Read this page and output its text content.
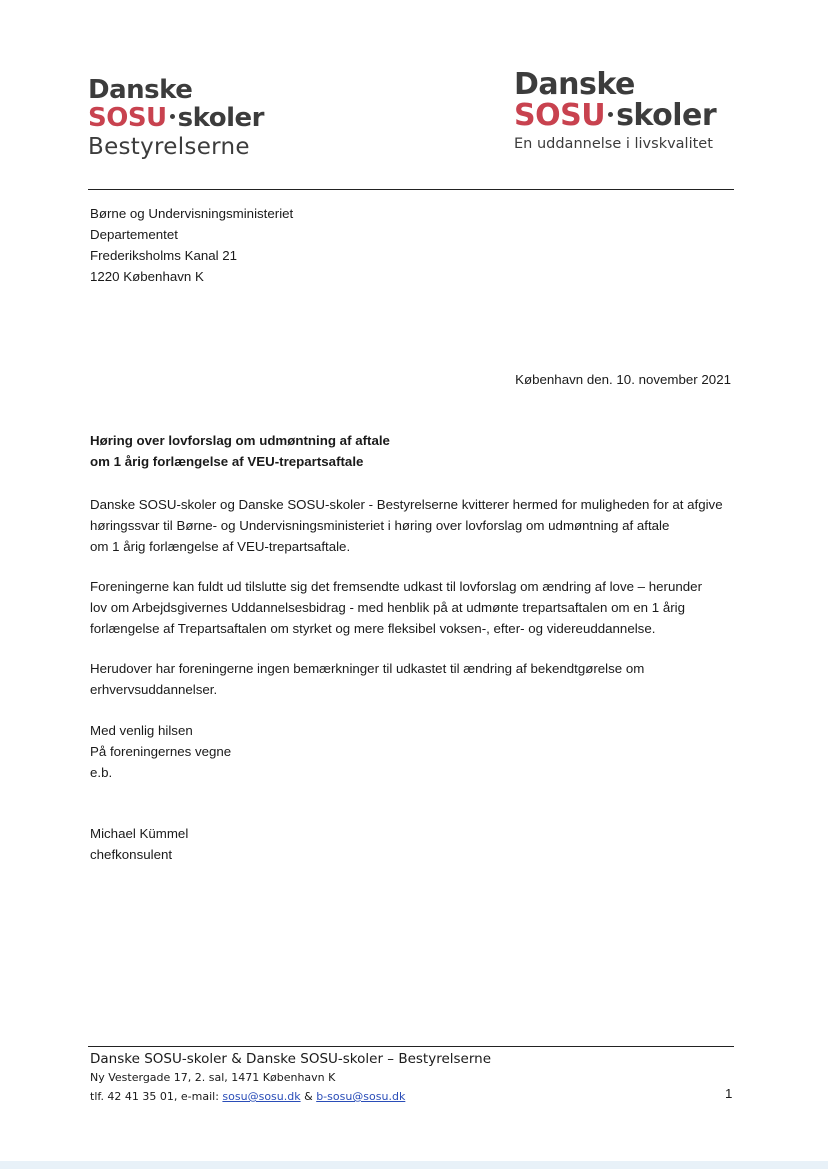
Danske
SOSU skoler
Bestyrelserne
Danske
SOSU skoler
En uddannelse i livskvalitet
Børne og Undervisningsministeriet
Departementet
Frederiksholms Kanal 21
1220 København K
København den. 10. november 2021
Høring over lovforslag om udmøntning af aftale
om 1 årig forlængelse af VEU-trepartsaftale
Danske SOSU-skoler og Danske SOSU-skoler - Bestyrelserne kvitterer hermed for muligheden for at afgive
høringssvar til Børne- og Undervisningsministeriet i høring over lovforslag om udmøntning af aftale
om 1 årig forlængelse af VEU-trepartsaftale.
Foreningerne kan fuldt ud tilslutte sig det fremsendte udkast til lovforslag om ændring af love – herunder
lov om Arbejdsgivernes Uddannelsesbidrag - med henblik på at udmønte trepartsaftalen om en 1 årig
forlængelse af Trepartsaftalen om styrket og mere fleksibel voksen-, efter- og videreuddannelse.
Herudover har foreningerne ingen bemærkninger til udkastet til ændring af bekendtgørelse om
erhvervsuddannelser.
Med venlig hilsen
På foreningernes vegne
e.b.
Michael Kümmel
chefkonsulent
Danske SOSU-skoler & Danske SOSU-skoler – Bestyrelserne
Ny Vestergade 17, 2. sal, 1471 København K
tlf. 42 41 35 01, e-mail: sosu@sosu.dk & b-sosu@sosu.dk	1
